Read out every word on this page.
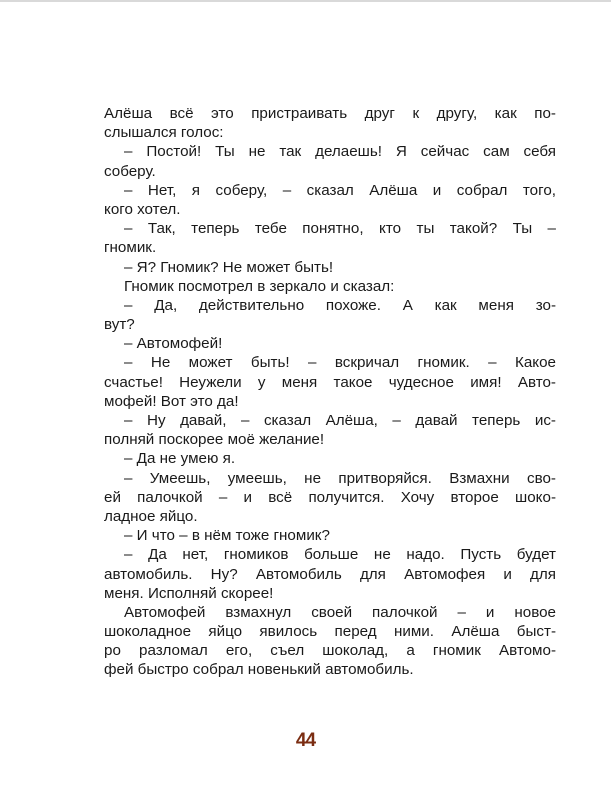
Алёша всё это пристраивать друг к другу, как по-
слышался голос:
– Постой! Ты не так делаешь! Я сейчас сам себя
соберу.
– Нет, я соберу, – сказал Алёша и собрал того,
кого хотел.
– Так, теперь тебе понятно, кто ты такой? Ты –
гномик.
– Я? Гномик? Не может быть!
Гномик посмотрел в зеркало и сказал:
– Да, действительно похоже. А как меня зо-
вут?
– Автомофей!
– Не может быть! – вскричал гномик. – Какое
счастье! Неужели у меня такое чудесное имя! Авто-
мофей! Вот это да!
– Ну давай, – сказал Алёша, – давай теперь ис-
полняй поскорее моё желание!
– Да не умею я.
– Умеешь, умеешь, не притворяйся. Взмахни сво-
ей палочкой – и всё получится. Хочу второе шоко-
ладное яйцо.
– И что – в нём тоже гномик?
– Да нет, гномиков больше не надо. Пусть будет
автомобиль. Ну? Автомобиль для Автомофея и для
меня. Исполняй скорее!
Автомофей взмахнул своей палочкой – и новое
шоколадное яйцо явилось перед ними. Алёша быст-
ро разломал его, съел шоколад, а гномик Автомо-
фей быстро собрал новенький автомобиль.
44
